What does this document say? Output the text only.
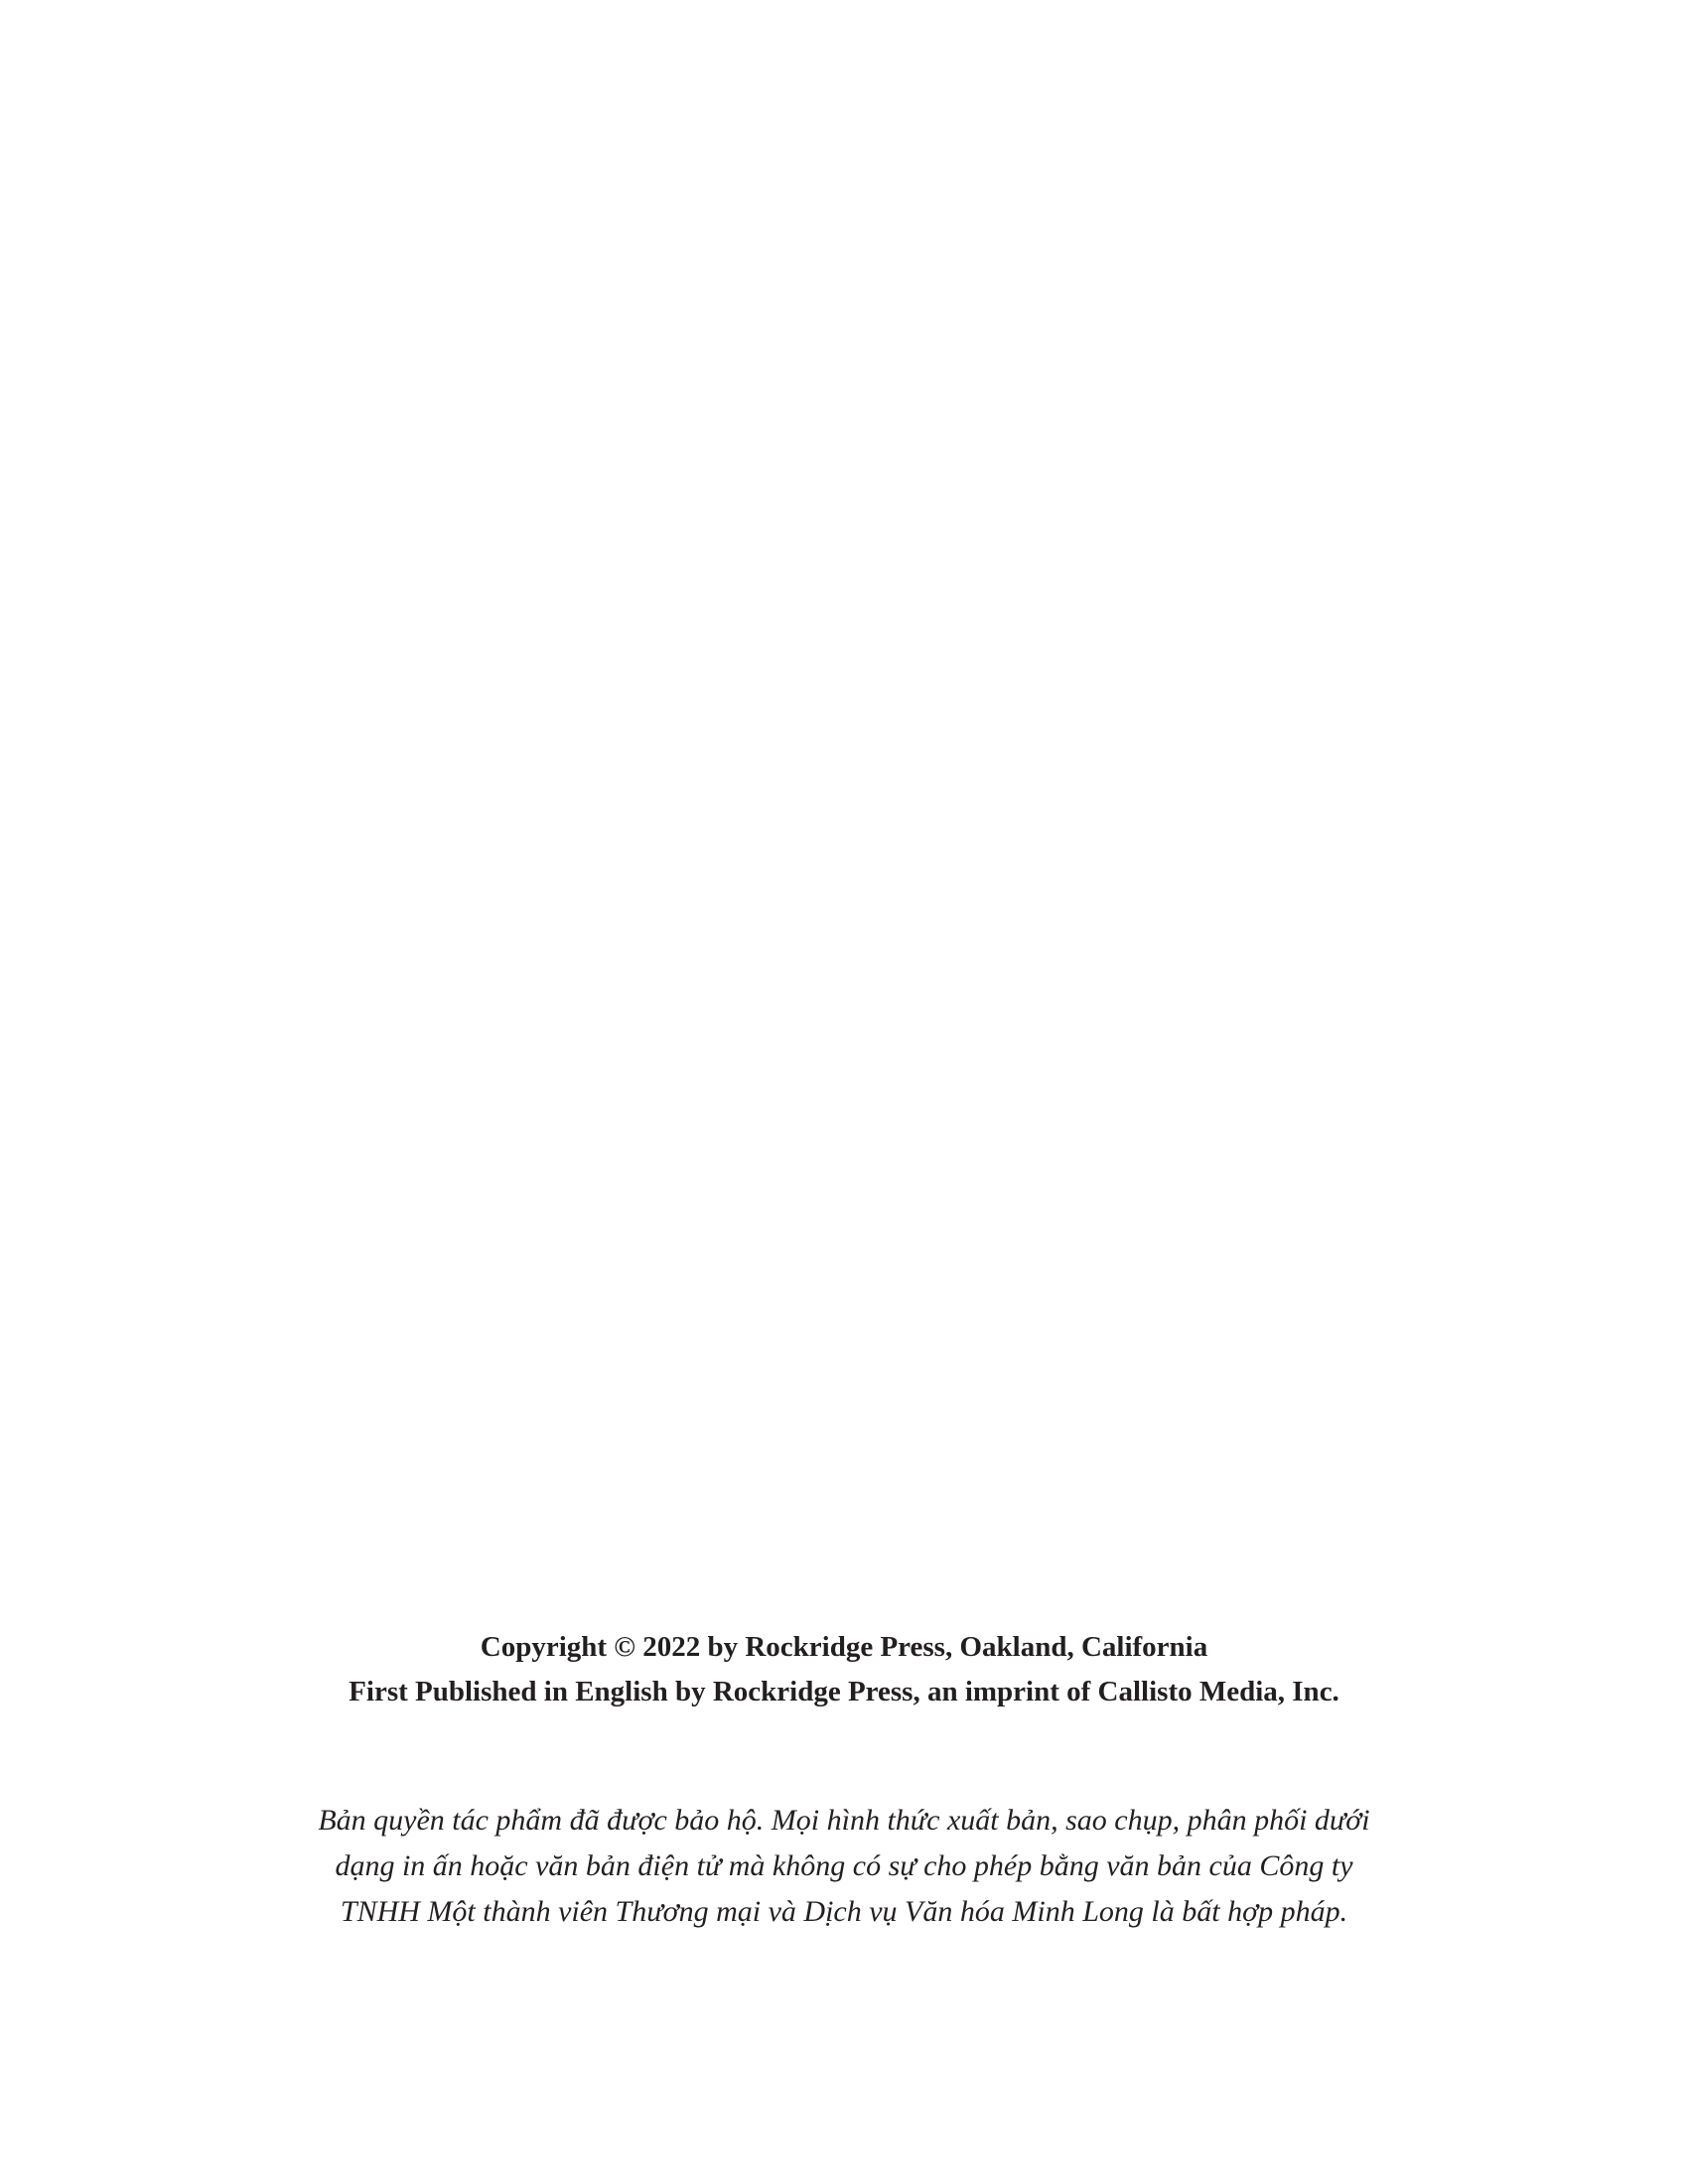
Copyright © 2022 by Rockridge Press, Oakland, California

First Published in English by Rockridge Press, an imprint of Callisto Media, Inc.

Bản quyền tác phẩm đã được bảo hộ. Mọi hình thức xuất bản, sao chụp, phân phối dưới

dạng in ấn hoặc văn bản điện tử mà không có sự cho phép bằng văn bản của Công ty

TNHH Một thành viên Thương mại và Dịch vụ Văn hóa Minh Long là bất hợp pháp.
